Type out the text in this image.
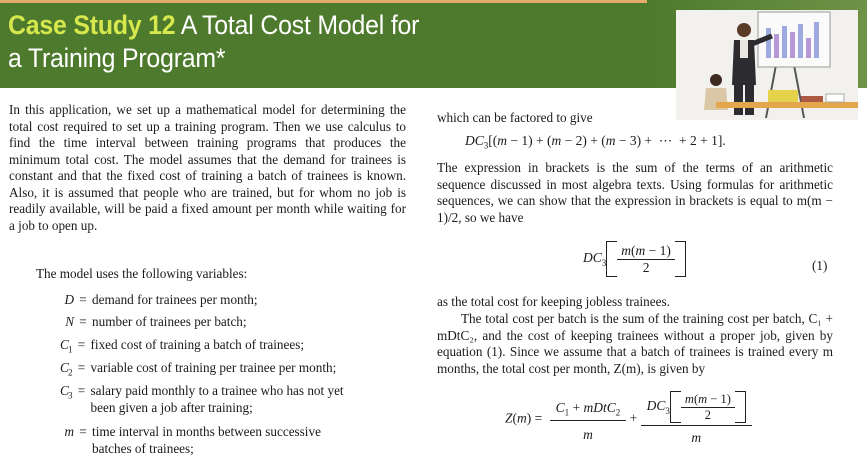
Case Study 12 A Total Cost Model for
a Training Program*
In this application, we set up a mathematical model for determining the total cost required to set up a training program. Then we use calculus to find the time interval between training programs that produces the minimum total cost. The model assumes that the demand for trainees is constant and that the fixed cost of training a batch of trainees is known. Also, it is assumed that people who are trained, but for whom no job is readily available, will be paid a fixed amount per month while waiting for a job to open up.
The model uses the following variables:
D = demand for trainees per month;
N = number of trainees per batch;
$C_1$ = fixed cost of training a batch of trainees;
$C_2$ = variable cost of training per trainee per month;
$C_3$ = salary paid monthly to a trainee who has not yet been given a job after training;
m = time interval in months between successive batches of trainees;
which can be factored to give
$DC_3[(m - 1) + (m - 2) + (m - 3)$ +  ⋯  + 2 + 1].
The expression in brackets is the sum of the terms of an arithmetic sequence discussed in most algebra texts. Using formulas for arithmetic sequences, we can show that the expression in brackets is equal to m(m − 1)/2, so we have
$DC_3 \frac{m(m - 1)}{2}$	(1)
as the total cost for keeping jobless trainees.
The total cost per batch is the sum of the training cost per batch, C₁ + mDtC₂, and the cost of keeping trainees without a proper job, given by equation (1). Since we assume that a batch of trainees is trained every m months, the total cost per month, Z(m), is given by
$Z(m) = \frac{C_1 + mDtC_2}{m} + \frac{DC_3 \frac{m(m - 1)}{2}}{m}$
